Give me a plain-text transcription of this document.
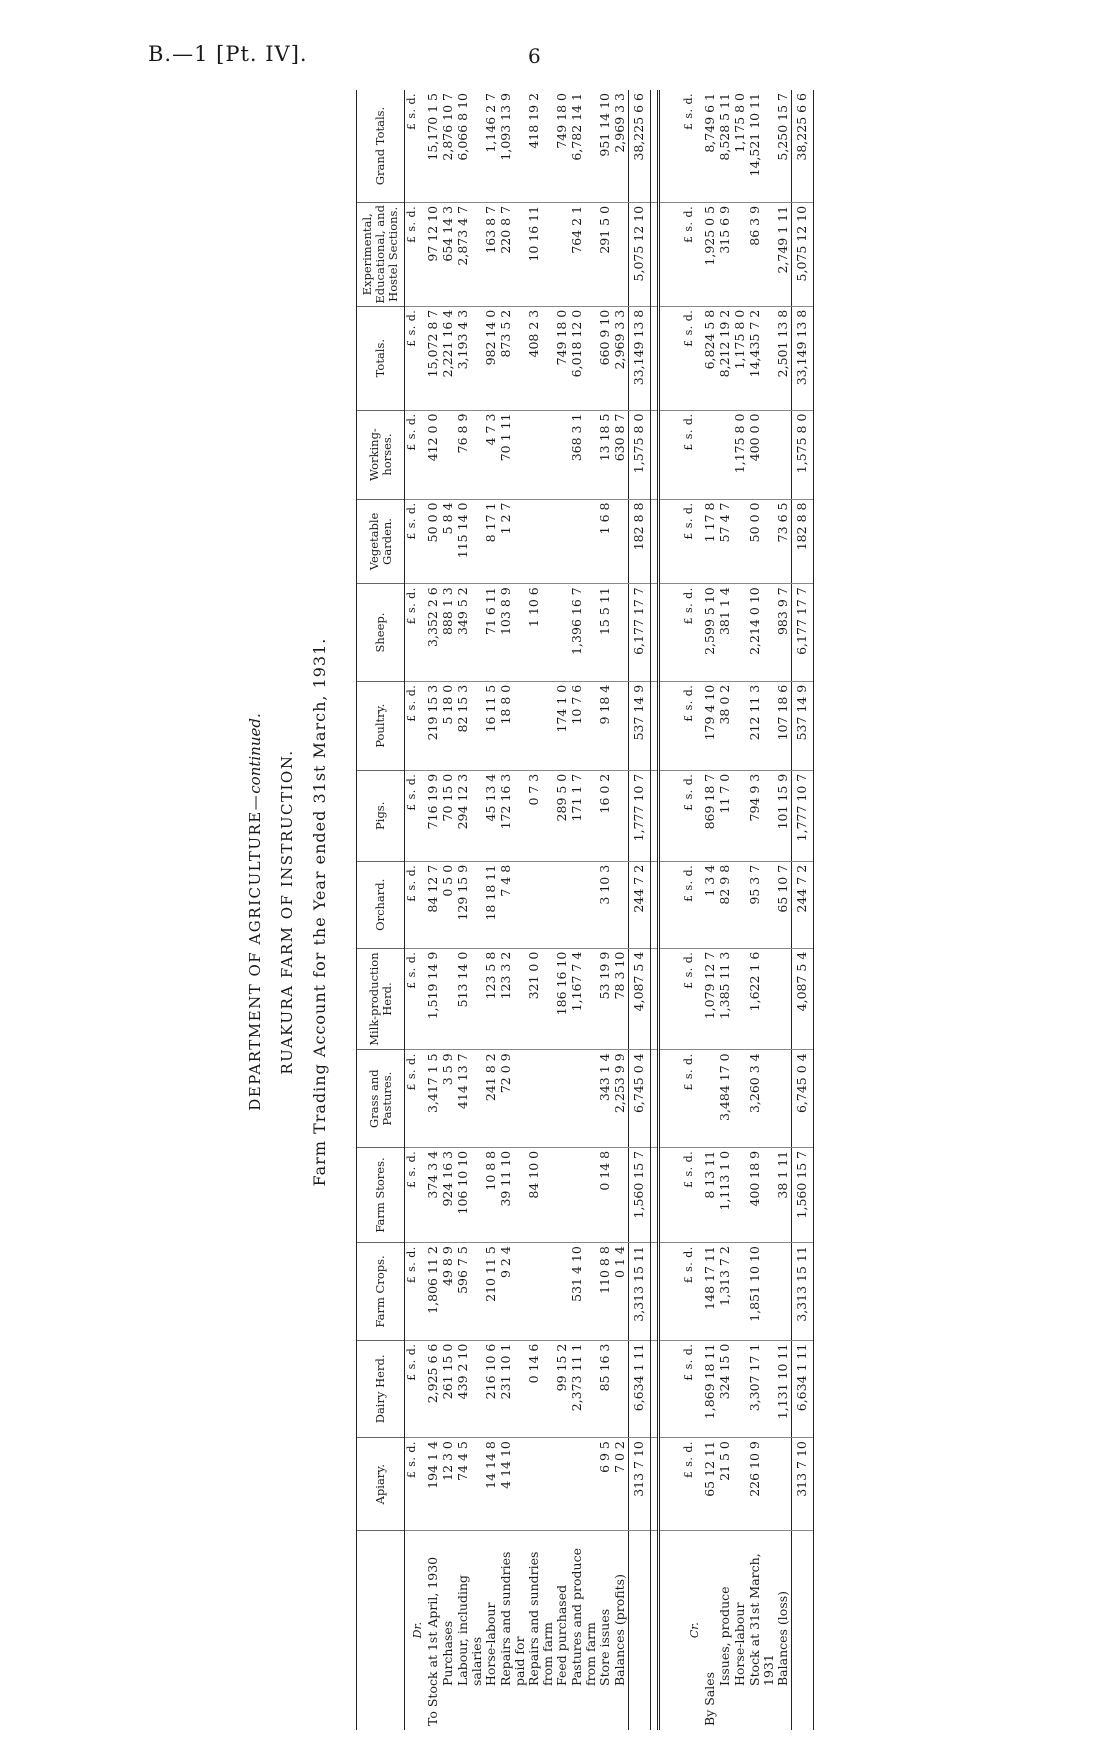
B.—1 [Pt. IV].	6
DEPARTMENT OF AGRICULTURE—continued. RUAKURA FARM OF INSTRUCTION. Farm Trading Account for the Year ended 31st March, 1931.
	Apiary.	Dairy Herd.	Farm Crops.	Farm Stores.	Grass and Pastures.	Milk-production Herd.	Orchard.	Pigs.	Poultry.	Sheep.	Vegetable Garden.	Working-horses.	Totals.	Experimental, Educational, and Hostel Sections.	Grand Totals.
Dr.	£ s. d.	£ s. d.	£ s. d.	£ s. d.	£ s. d.	£ s. d.	£ s. d.	£ s. d.	£ s. d.	£ s. d.	£ s. d.	£ s. d.	£ s. d.	£ s. d.	£ s. d.
To Stock at 1st April, 1930	194 1 4	2,925 6 6	1,806 11 2	374 3 4	3,417 1 5	1,519 14 9	84 12 7	716 19 9	219 15 3	3,352 2 6	50 0 0	412 0 0	15,072 8 7	97 12 10	15,170 1 5
Purchases	12 3 0	261 15 0	49 8 9	924 16 3	3 5 9		0 5 0	70 15 0	5 18 0	888 1 3	5 8 4		2,221 16 4	654 14 3	2,876 10 7
Labour, including salaries	74 4 5	439 2 10	596 7 5	106 10 10	414 13 7	513 14 0	129 15 9	294 12 3	82 15 3	349 5 2	115 14 0	76 8 9	3,193 4 3	2,873 4 7	6,066 8 10
Horse-labour	14 14 8	216 10 6	210 11 5	10 8 8	241 8 2	123 5 8	18 18 11	45 13 4	16 11 5	71 6 11	8 17 1	4 7 3	982 14 0	163 8 7	1,146 2 7
Repairs and sundries paid for	4 14 10	231 10 1	9 2 4	39 11 10	72 0 9	123 3 2	7 4 8	172 16 3	18 8 0	103 8 9	1 2 7	70 1 11	873 5 2	220 8 7	1,093 13 9
Repairs and sundries from farm		0 14 6		84 10 0		321 0 0		0 7 3		1 10 6			408 2 3	10 16 11	418 19 2
Feed purchased		99 15 2				186 16 10		289 5 0	174 1 0				749 18 0		749 18 0
Pastures and produce from farm		2,373 11 1	531 4 10			1,167 7 4		171 1 7	10 7 6	1,396 16 7		368 3 1	6,018 12 0	764 2 1	6,782 14 1
Store issues	6 9 5	85 16 3	110 8 8	0 14 8	343 1 4	53 19 9	3 10 3	16 0 2	9 18 4	15 5 11	1 6 8	13 18 5	660 9 10	291 5 0	951 14 10
Balances (profits)	7 0 2		0 1 4		2,253 9 9	78 3 10						630 8 7	2,969 3 3		2,969 3 3
	313 7 10	6,634 1 11	3,313 15 11	1,560 15 7	6,745 0 4	4,087 5 4	244 7 2	1,777 10 7	537 14 9	6,177 17 7	182 8 8	1,575 8 0	33,149 13 8	5,075 12 10	38,225 6 6

Cr.	£ s. d.	£ s. d.	£ s. d.	£ s. d.	£ s. d.	£ s. d.	£ s. d.	£ s. d.	£ s. d.	£ s. d.	£ s. d.	£ s. d.	£ s. d.	£ s. d.	£ s. d.
By Sales	65 12 11	1,869 18 11	148 17 11	8 13 11		1,079 12 7	1 3 4	869 18 7	179 4 10	2,599 5 10	1 17 8		6,824 5 8	1,925 0 5	8,749 6 1
Issues, produce	21 5 0	324 15 0	1,313 7 2	1,113 1 0	3,484 17 0	1,385 11 3	82 9 8	11 7 0	38 0 2	381 1 4	57 4 7		8,212 19 2	315 6 9	8,528 5 11
Horse-labour												1,175 8 0	1,175 8 0		1,175 8 0
Stock at 31st March, 1931	226 10 9	3,307 17 1	1,851 10 10	400 18 9	3,260 3 4	1,622 1 6	95 3 7	794 9 3	212 11 3	2,214 0 10	50 0 0	400 0 0	14,435 7 2	86 3 9	14,521 10 11
Balances (loss)		1,131 10 11		38 1 11			65 10 7	101 15 9	107 18 6	983 9 7	73 6 5		2,501 13 8	2,749 1 11	5,250 15 7
	313 7 10	6,634 1 11	3,313 15 11	1,560 15 7	6,745 0 4	4,087 5 4	244 7 2	1,777 10 7	537 14 9	6,177 17 7	182 8 8	1,575 8 0	33,149 13 8	5,075 12 10	38,225 6 6
